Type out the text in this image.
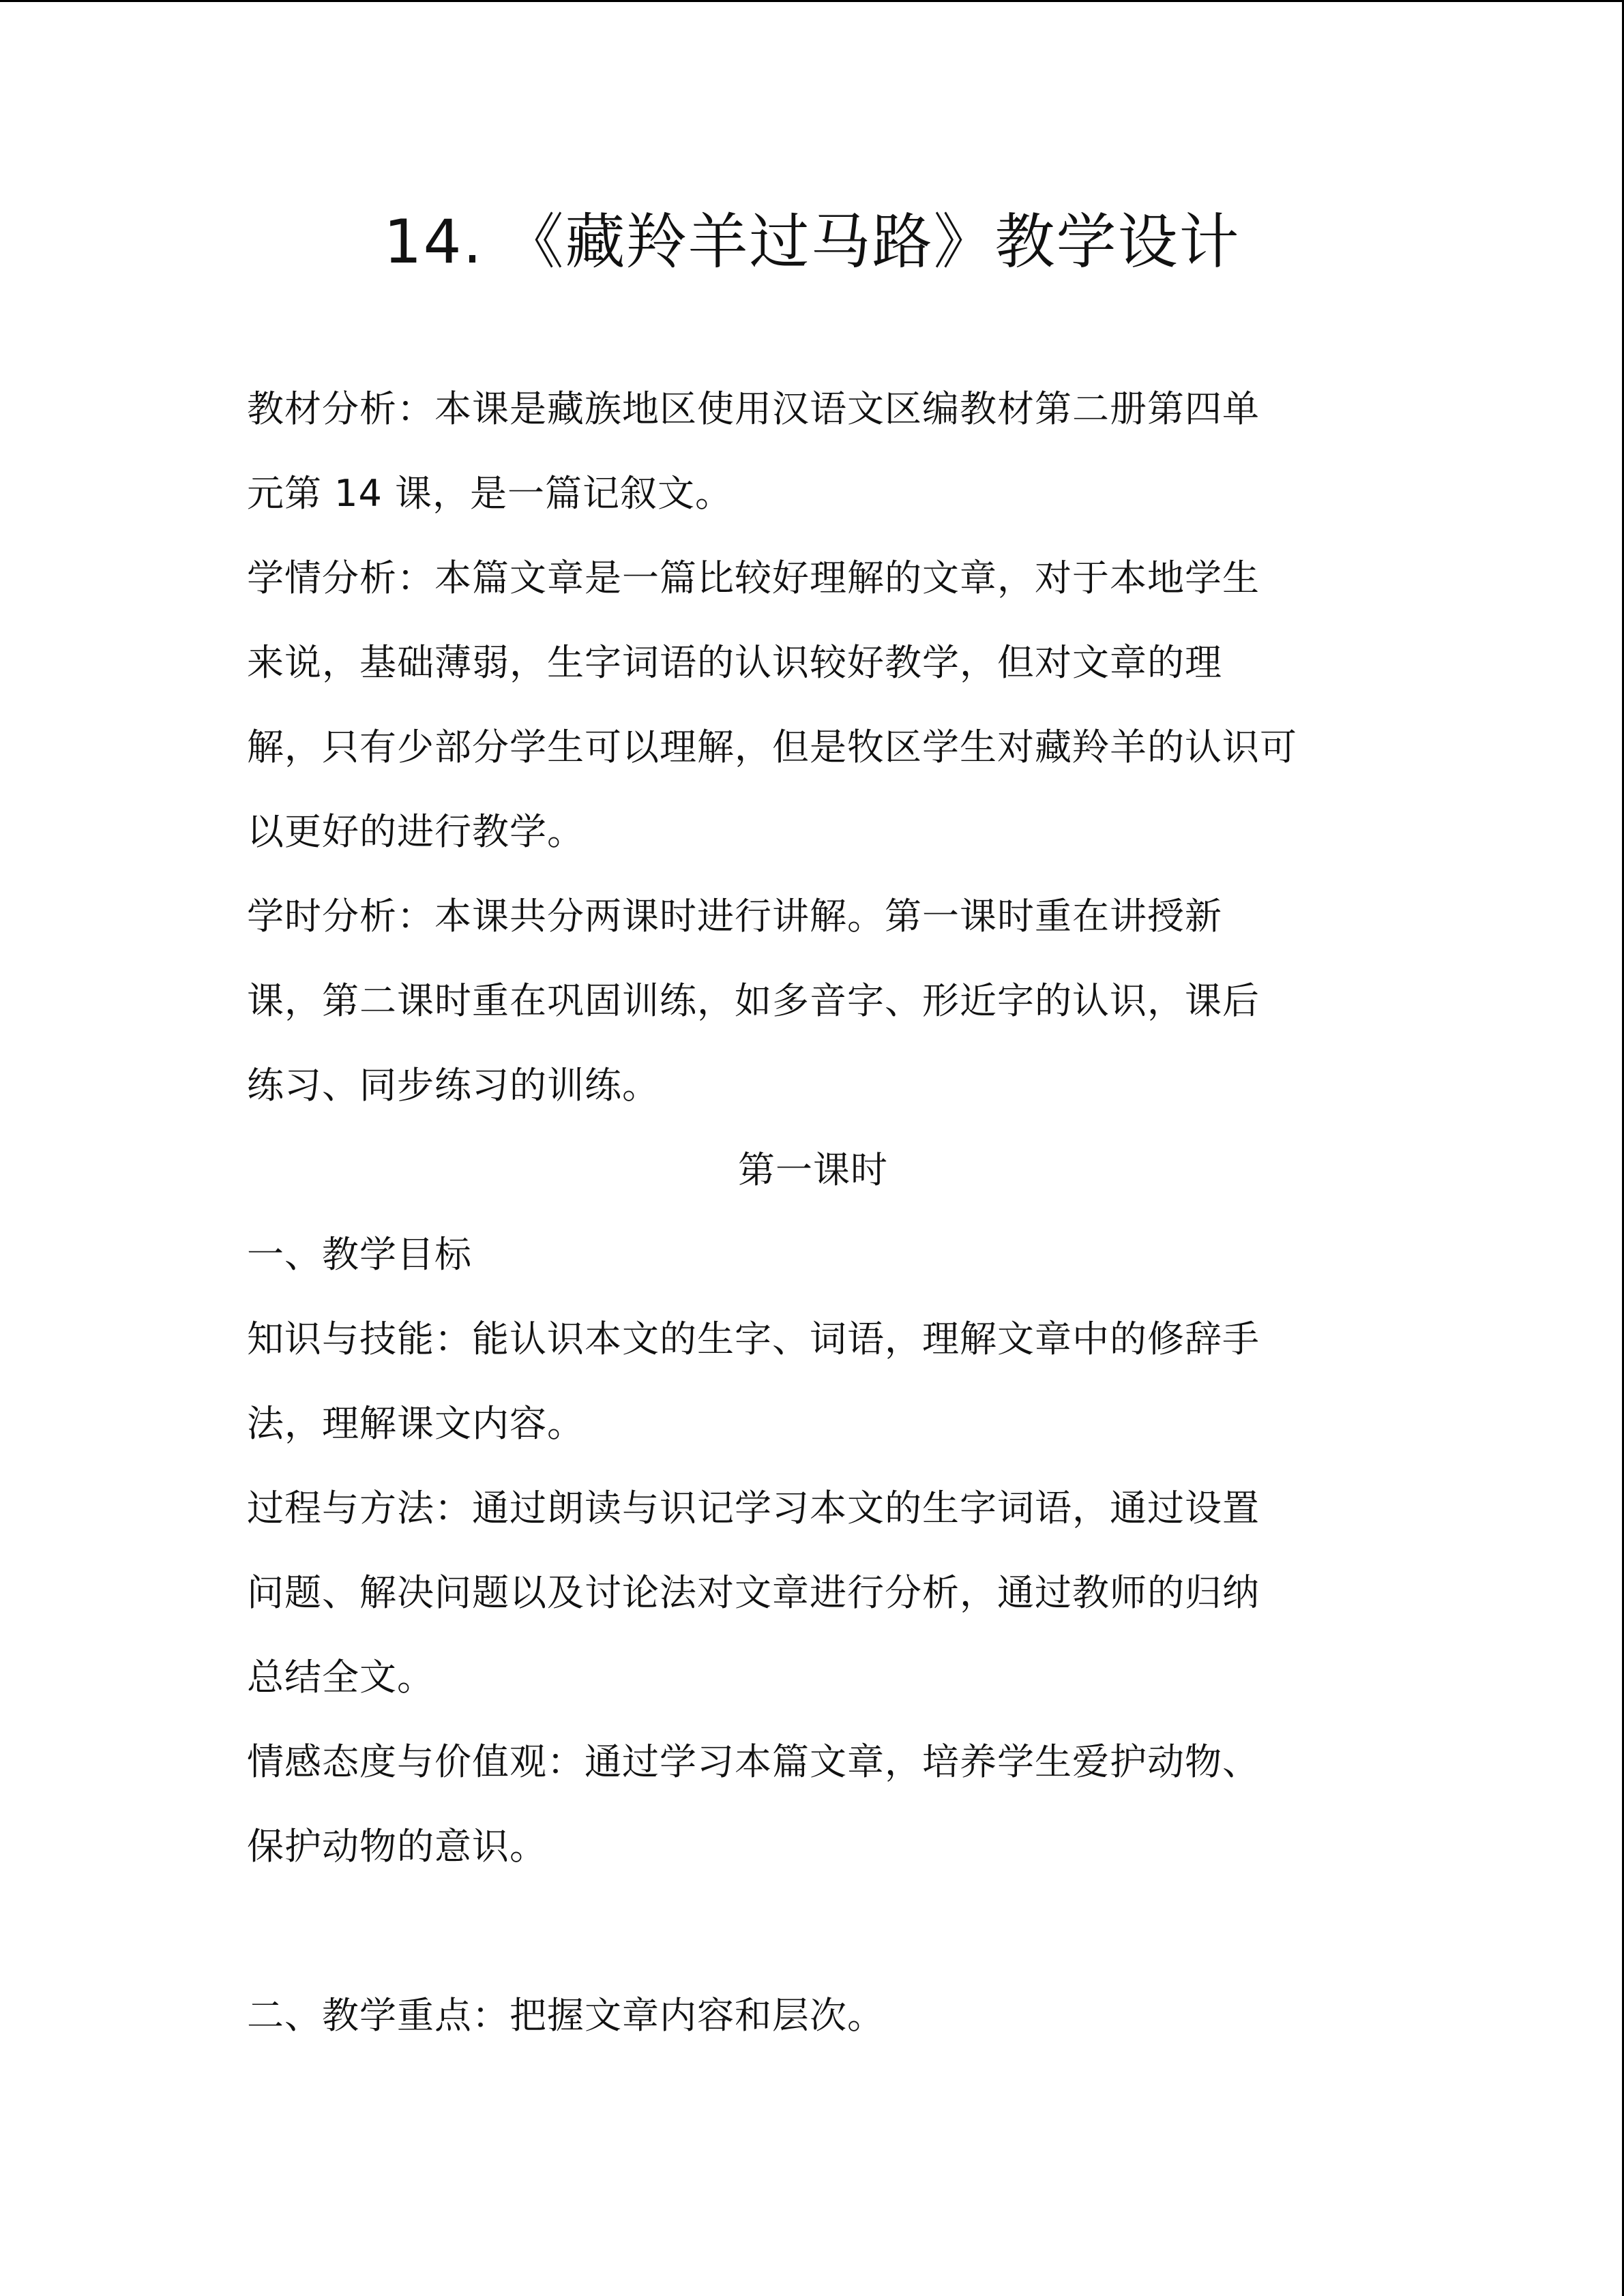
14. 《藏羚羊过马路》教学设计
教材分析：本课是藏族地区使用汉语文区编教材第二册第四单
元第 14 课，是一篇记叙文。
学情分析：本篇文章是一篇比较好理解的文章，对于本地学生
来说，基础薄弱，生字词语的认识较好教学，但对文章的理
解，只有少部分学生可以理解，但是牧区学生对藏羚羊的认识可
以更好的进行教学。
学时分析：本课共分两课时进行讲解。第一课时重在讲授新
课，第二课时重在巩固训练，如多音字、形近字的认识，课后
练习、同步练习的训练。
第一课时
一、教学目标
知识与技能：能认识本文的生字、词语，理解文章中的修辞手
法，理解课文内容。
过程与方法：通过朗读与识记学习本文的生字词语，通过设置
问题、解决问题以及讨论法对文章进行分析，通过教师的归纳
总结全文。
情感态度与价值观：通过学习本篇文章，培养学生爱护动物、
保护动物的意识。
二、教学重点：把握文章内容和层次。
